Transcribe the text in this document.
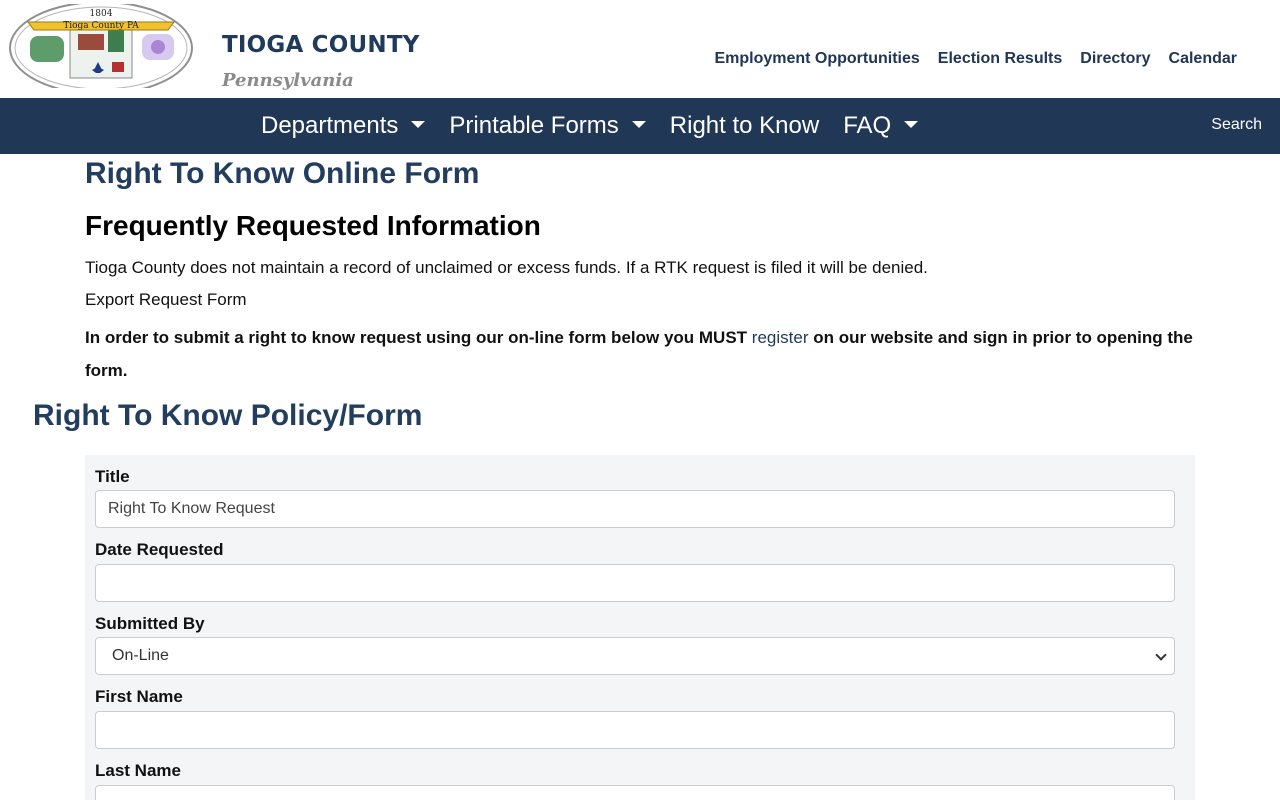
Tioga County PA
1804
TIOGA COUNTY
Pennsylvania
Employment Opportunities Election Results Directory Calendar
Departments Printable Forms Right to Know FAQ	Search
Right To Know Online Form
Frequently Requested Information
Tioga County does not maintain a record of unclaimed or excess funds. If a RTK request is filed it will be denied.
Export Request Form
In order to submit a right to know request using our on-line form below you MUST register on our website and sign in prior to opening the form.
Right To Know Policy/Form
Title
Right To Know Request
Date Requested
Submitted By
On-Line
First Name
Last Name
